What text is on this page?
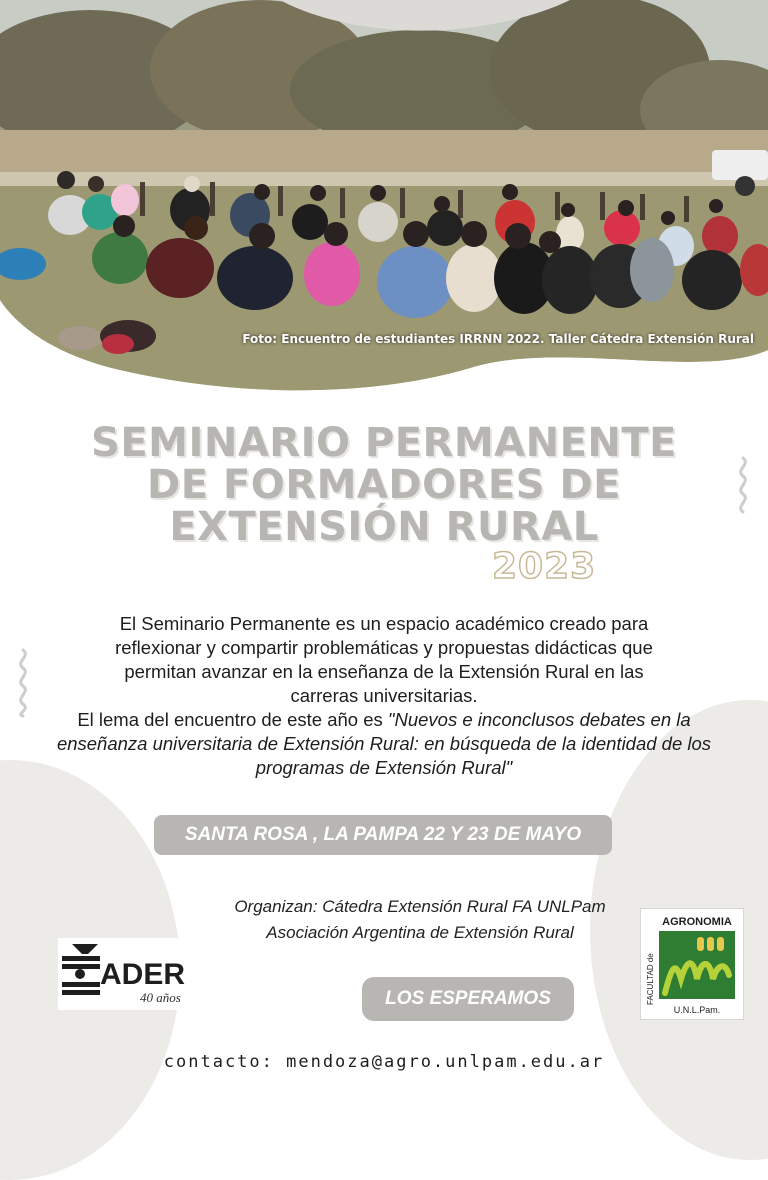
Foto: Encuentro de estudiantes IRRNN 2022. Taller Cátedra Extensión Rural
SEMINARIO PERMANENTE
DE FORMADORES DE
EXTENSIÓN RURAL
2023
El Seminario Permanente es un espacio académico creado para
reflexionar y compartir problemáticas y propuestas didácticas que
permitan avanzar en la enseñanza de la Extensión Rural en las
carreras universitarias.
El lema del encuentro de este año es "Nuevos e inconclusos debates en la enseñanza universitaria de Extensión Rural: en búsqueda de la identidad de los programas de Extensión Rural"
SANTA ROSA , LA PAMPA 22 Y 23 DE MAYO
Organizan: Cátedra Extensión Rural FA UNLPam
Asociación Argentina de Extensión Rural
ADER
40 años
AGRONOMIA
FACULTAD de
U.N.L.Pam.
LOS ESPERAMOS
contacto: mendoza@agro.unlpam.edu.ar
